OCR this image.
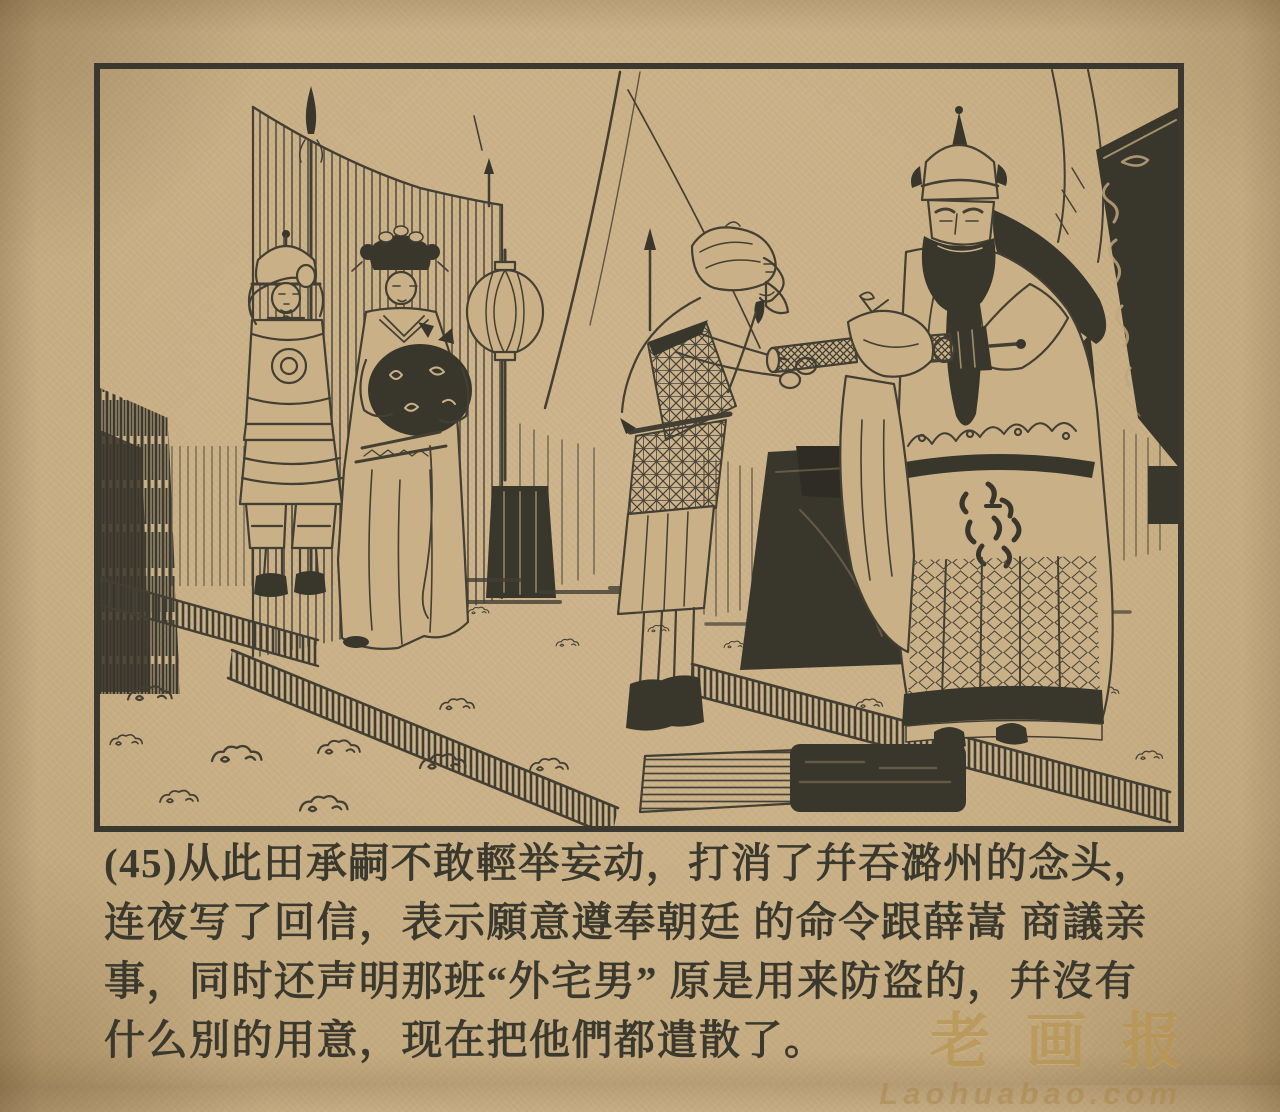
(45)从此田承嗣不敢輕举妄动，打消了幷吞潞州的念头，
连夜写了回信，表示願意遵奉朝廷 的命令跟薛嵩 商議亲
事，同时还声明那班“外宅男” 原是用来防盗的，幷沒有
什么別的用意，现在把他們都遣散了。	老画报
Laohuabao.com
